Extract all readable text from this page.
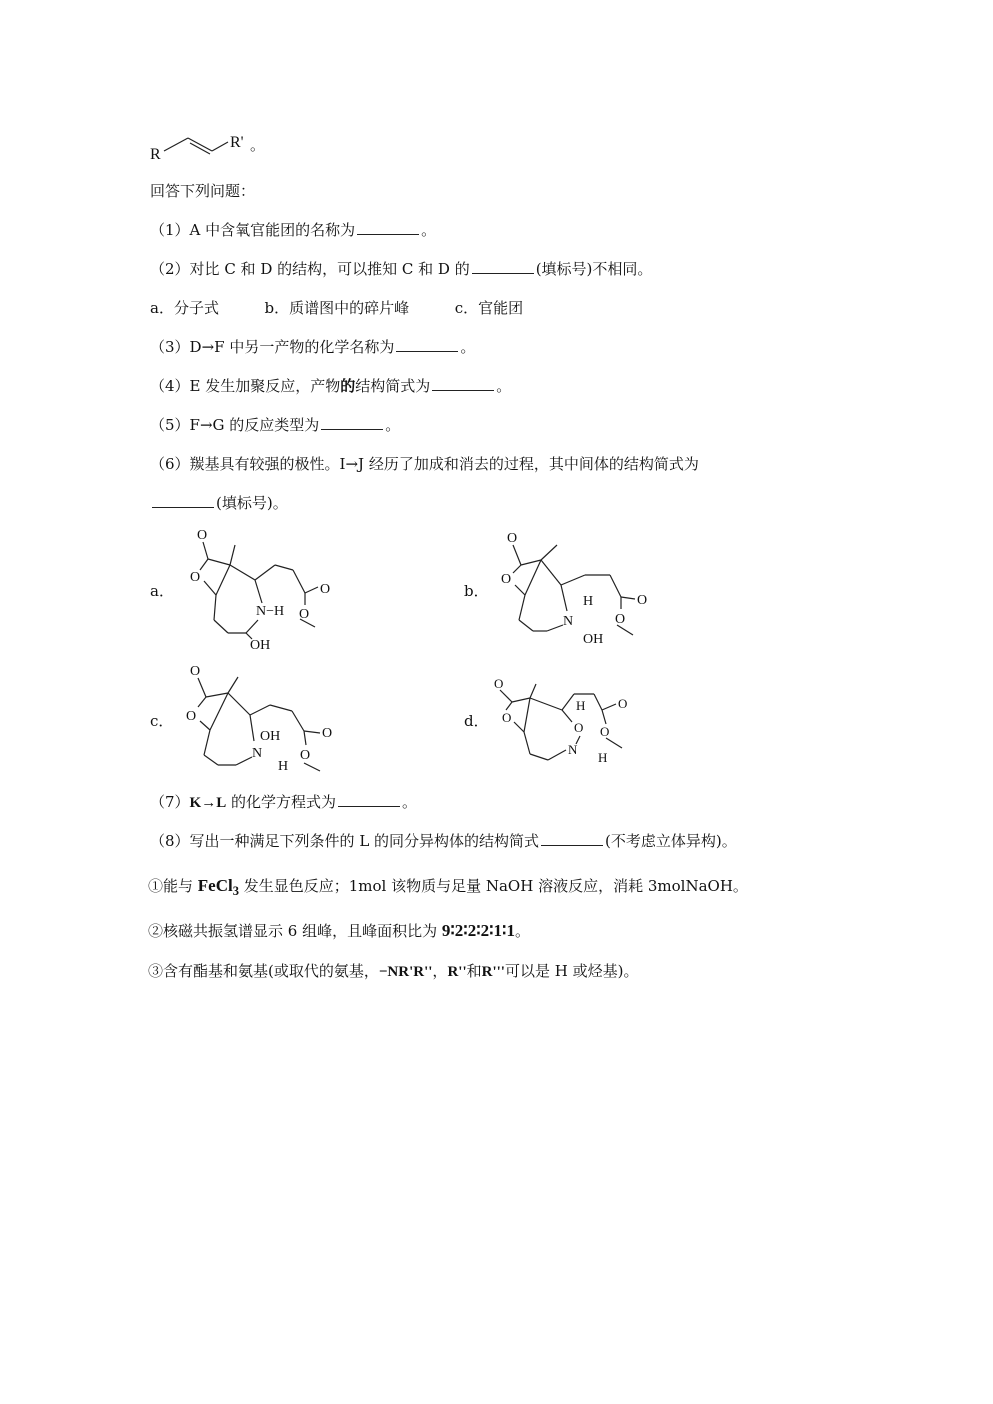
R
R' 。
回答下列问题：
（1）A 中含氧官能团的名称为	。
（2）对比 C 和 D 的结构，可以推知 C 和 D 的	(填标号)不相同。
a．分子式	b．质谱图中的碎片峰	c．官能团
（3）D→F 中另一产物的化学名称为	。
（4）E 发生加聚反应，产物的结构简式为	。
（5）F→G 的反应类型为	。
（6）羰基具有较强的极性。I→J 经历了加成和消去的过程，其中间体的结构简式为
(填标号)。
a．
O
O
N−H
OH
O
O
b．
O
O
H
N
OH
O
O
c．
O
O
OH
N
H
O
O
d．
O
O
N
H
O
H	O
O
（7）K→L 的化学方程式为	。
（8）写出一种满足下列条件的 L 的同分异构体的结构简式	(不考虑立体异构)。
①能与 FeCl$_3$ 发生显色反应；1mol 该物质与足量 NaOH 溶液反应，消耗 3molNaOH。
②核磁共振氢谱显示 6 组峰，且峰面积比为 9∶2∶2∶2∶1∶1。
③含有酯基和氨基(或取代的氨基，−NR'R''，R''和R'''可以是 H 或烃基)。
